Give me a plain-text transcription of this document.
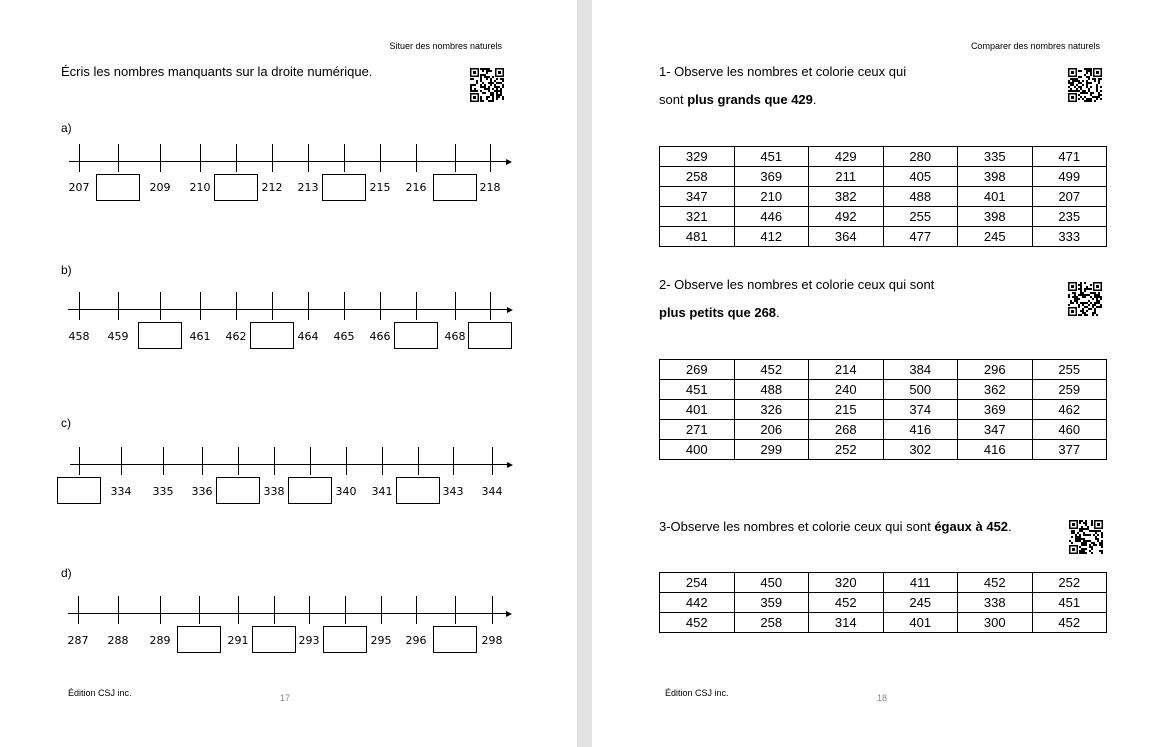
Situer des nombres naturels
Écris les nombres manquants sur la droite numérique.
a)
b)
c)
d)
207	209 210	212 213	215 216	218
458 459	461 462	464 465 466	468
334 335 336	338	340 341	343 344
287 288 289	291	293	295 296	298
Édition CSJ inc.	17
Comparer des nombres naturels
1- Observe les nombres et colorie ceux qui
sont plus grands que 429.
329	451	429	280	335	471
258	369	211	405	398	499
347	210	382	488	401	207
321	446	492	255	398	235
481	412	364	477	245	333
2- Observe les nombres et colorie ceux qui sont
plus petits que 268.
269	452	214	384	296	255
451	488	240	500	362	259
401	326	215	374	369	462
271	206	268	416	347	460
400	299	252	302	416	377
3-Observe les nombres et colorie ceux qui sont égaux à 452.
254	450	320	411	452	252
442	359	452	245	338	451
452	258	314	401	300	452
Édition CSJ inc.	18
